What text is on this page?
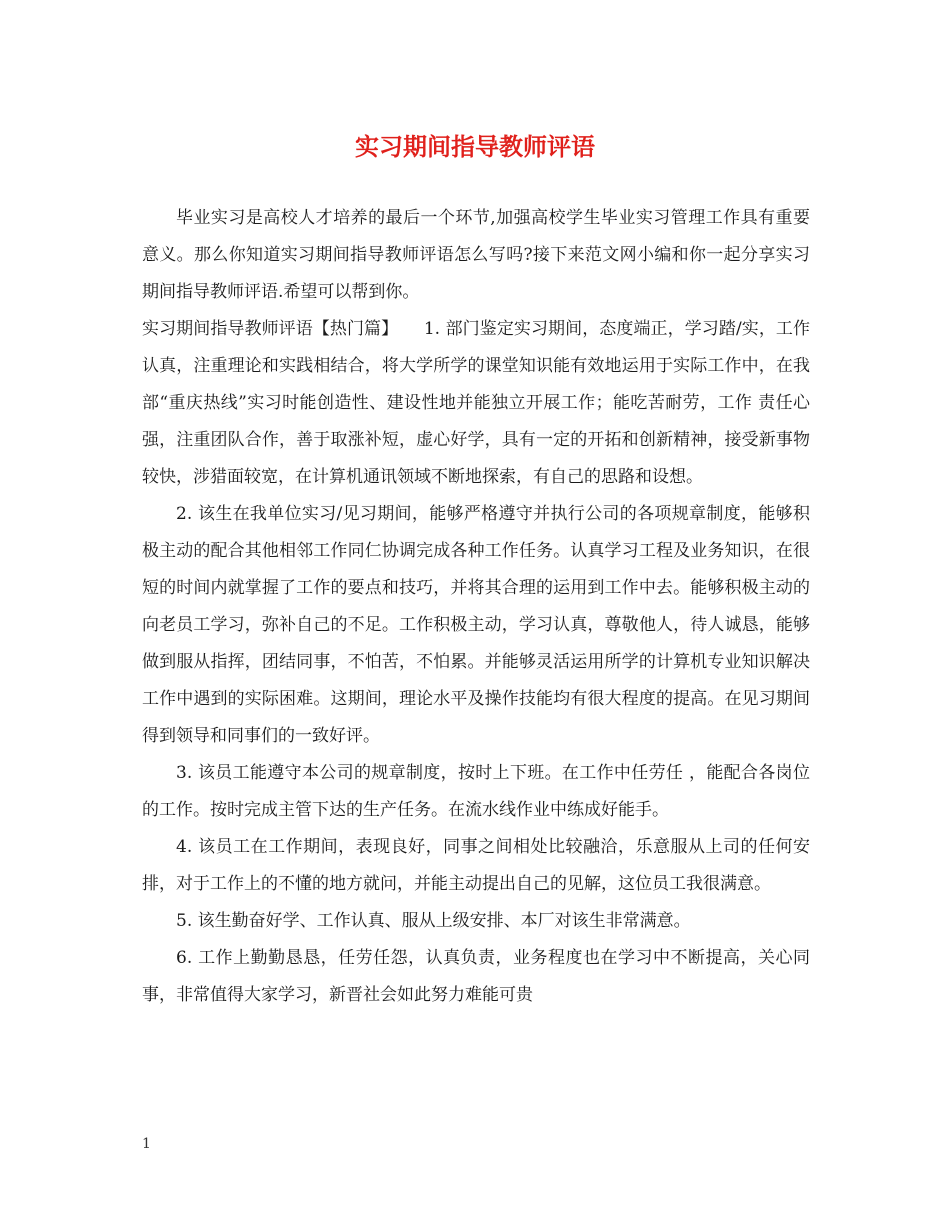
实习期间指导教师评语

毕业实习是高校人才培养的最后一个环节,加强高校学生毕业实习管理工作具有重要意义。那么你知道实习期间指导教师评语怎么写吗?接下来范文网小编和你一起分享实习期间指导教师评语.希望可以帮到你。

实习期间指导教师评语【热门篇】　　1. 部门鉴定实习期间，态度端正，学习踏/实，工作认真，注重理论和实践相结合，将大学所学的课堂知识能有效地运用于实际工作中，在我部“重庆热线”实习时能创造性、建设性地并能独立开展工作；能吃苦耐劳，工作 责任心强，注重团队合作，善于取涨补短，虚心好学，具有一定的开拓和创新精神，接受新事物较快，涉猎面较宽，在计算机通讯领域不断地探索，有自己的思路和设想。

2. 该生在我单位实习/见习期间，能够严格遵守并执行公司的各项规章制度，能够积极主动的配合其他相邻工作同仁协调完成各种工作任务。认真学习工程及业务知识，在很短的时间内就掌握了工作的要点和技巧，并将其合理的运用到工作中去。能够积极主动的向老员工学习，弥补自己的不足。工作积极主动，学习认真，尊敬他人，待人诚恳，能够做到服从指挥，团结同事，不怕苦，不怕累。并能够灵活运用所学的计算机专业知识解决工作中遇到的实际困难。这期间，理论水平及操作技能均有很大程度的提高。在见习期间得到领导和同事们的一致好评。

3. 该员工能遵守本公司的规章制度，按时上下班。在工作中任劳任 ，能配合各岗位的工作。按时完成主管下达的生产任务。在流水线作业中练成好能手。

4. 该员工在工作期间，表现良好，同事之间相处比较融洽，乐意服从上司的任何安排，对于工作上的不懂的地方就问，并能主动提出自己的见解，这位员工我很满意。

5. 该生勤奋好学、工作认真、服从上级安排、本厂对该生非常满意。

6. 工作上勤勤恳恳，任劳任怨，认真负责，业务程度也在学习中不断提高，关心同事，非常值得大家学习，新晋社会如此努力难能可贵

1
